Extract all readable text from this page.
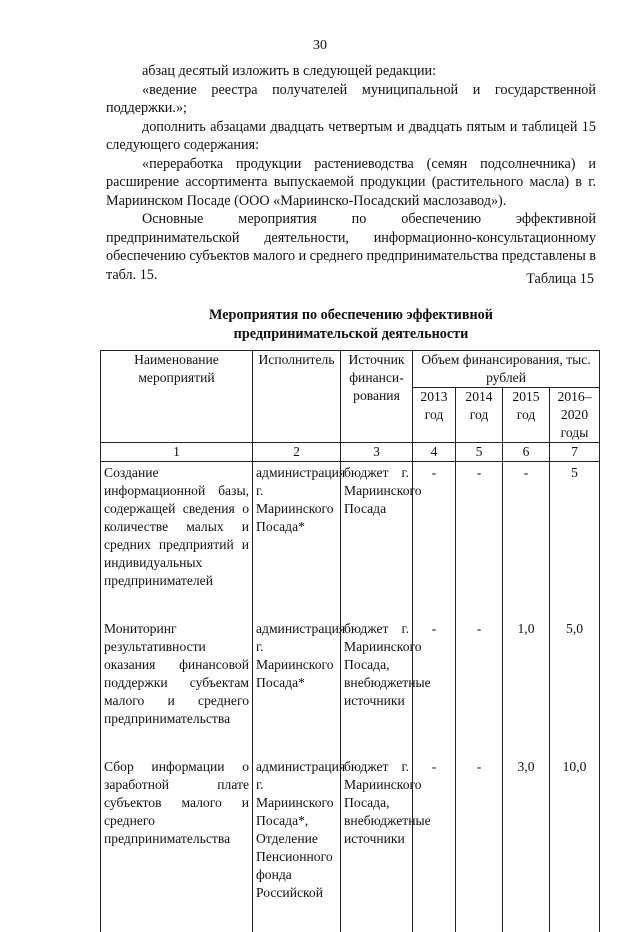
30

абзац десятый изложить в следующей редакции:

«ведение реестра получателей муниципальной и государственной поддержки.»;

дополнить абзацами двадцать четвертым и двадцать пятым и таблицей 15 следующего содержания:

«переработка продукции растениеводства (семян подсолнечника) и расширение ассортимента выпускаемой продукции (растительного масла) в г. Мариинском Посаде (ООО «Мариинско-Посадский маслозавод»).

Основные мероприятия по обеспечению эффективной предпринимательской деятельности, информационно-консультационному обеспечению субъектов малого и среднего предпринимательства представлены в табл. 15.	Таблица 15
Мероприятия по обеспечению эффективной
предпринимательской деятельности
Наименование мероприятий	Исполнитель	Источник финанси-рования	Объем финансирования, тыс. рублей			
			2013 год	2014 год	2015 год	2016–2020 годы
1	2	3	4	5	6	7
Создание информационной базы, содержащей сведения о количестве малых и средних предприятий и индивидуальных предпринимателей	администрация г. Мариинского Посада*	бюджет г. Мариинского Посада	-	-	-	5
Мониторинг результативности оказания финансовой поддержки субъектам малого и среднего предпринимательства	администрация г. Мариинского Посада*	бюджет г. Мариинского Посада, внебюджетные источники	-	-	1,0	5,0
Сбор информации о заработной плате субъектов малого и среднего предпринимательства	администрация г. Мариинского Посада*, Отделение Пенсионного фонда Российской	бюджет г. Мариинского Посада, внебюджетные источники	-	-	3,0	10,0
